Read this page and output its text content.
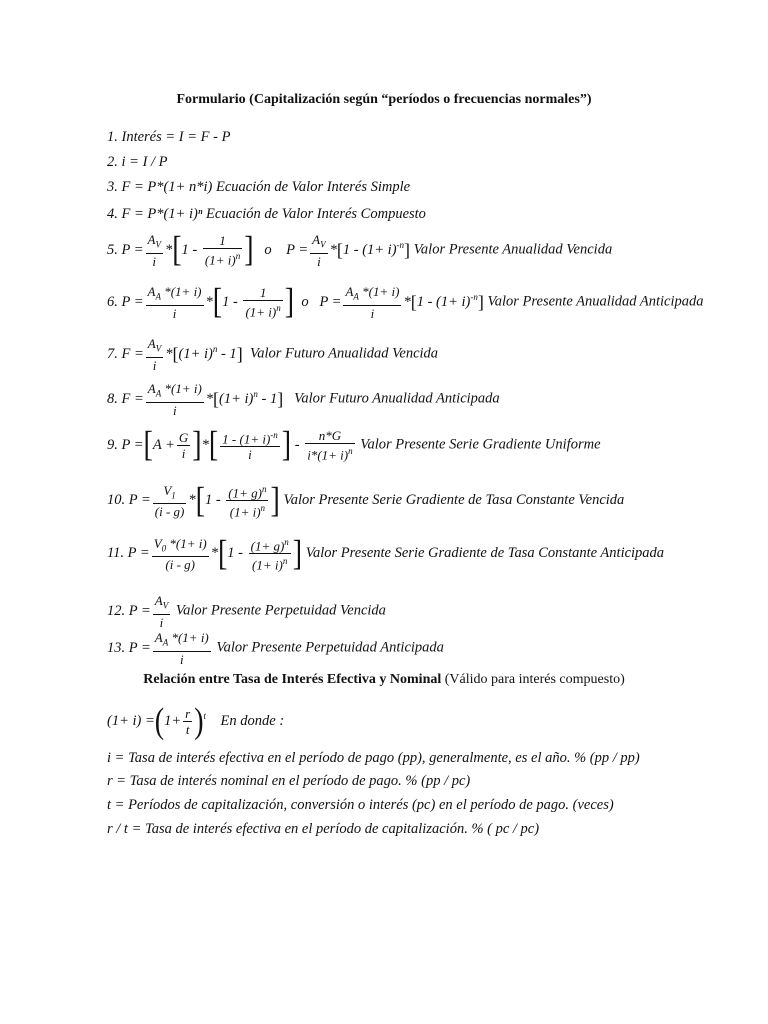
Formulario (Capitalización según “períodos o frecuencias normales”)
1. Interés = I = F - P
2. i = I / P
3. F = P*(1+ n*i) Ecuación de Valor Interés Simple
4. F = P*(1+ i)ⁿ Ecuación de Valor Interés Compuesto
5. $P = \frac{A_V}{i} *[1 - \frac{1}{(1+ i)^n}$ ]   o    $P = \frac{A_V}{i} *[1 - (1+ i)^{-n}]$ Valor Presente Anualidad Vencida
6. $P = \frac{A_A *(1+ i)}{i} *[1 - \frac{1}{(1+ i)^n}$ ]  o   $P = \frac{A_A *(1+ i)}{i} *[1 - (1+ i)^{-n}]$ Valor Presente Anualidad Anticipada
7. $F = \frac{A_V}{i} *[(1+ i)^n - 1]$ Valor Futuro Anualidad Vencida
8. $F = \frac{A_A *(1+ i)}{i} *[(1+ i)^n - 1]$ Valor Futuro Anualidad Anticipada
9. $P =[A + \frac{G}{i}$ ]*[ $\frac{1 - (1+ i)^{-n}}{i}$ ] - $\frac{n*G}{i*(1+ i)^n}$ Valor Presente Serie Gradiente Uniforme
10. $P = \frac{V_1}{(i - g)} *[1 - \frac{(1+ g)^n}{(1+ i)^n}$ ] Valor Presente Serie Gradiente de Tasa Constante Vencida
11. $P = \frac{V_0 *(1+ i)}{(i - g)} *[1 - \frac{(1+ g)^n}{(1+ i)^n}$ ] Valor Presente Serie Gradiente de Tasa Constante Anticipada
12. $P = \frac{A_V}{i}$ Valor Presente Perpetuidad Vencida
13. $P = \frac{A_A *(1+ i)}{i}$ Valor Presente Perpetuidad Anticipada
Relación entre Tasa de Interés Efectiva y Nominal (Válido para interés compuesto)
$(1+ i) =(1+ \frac{r}{t} )^t$ En donde :
i = Tasa de interés efectiva en el período de pago (pp), generalmente, es el año. % (pp / pp)
r = Tasa de interés nominal en el período de pago. % (pp / pc)
t = Períodos de capitalización, conversión o interés (pc) en el período de pago. (veces)
r / t = Tasa de interés efectiva en el período de capitalización. % ( pc / pc)
